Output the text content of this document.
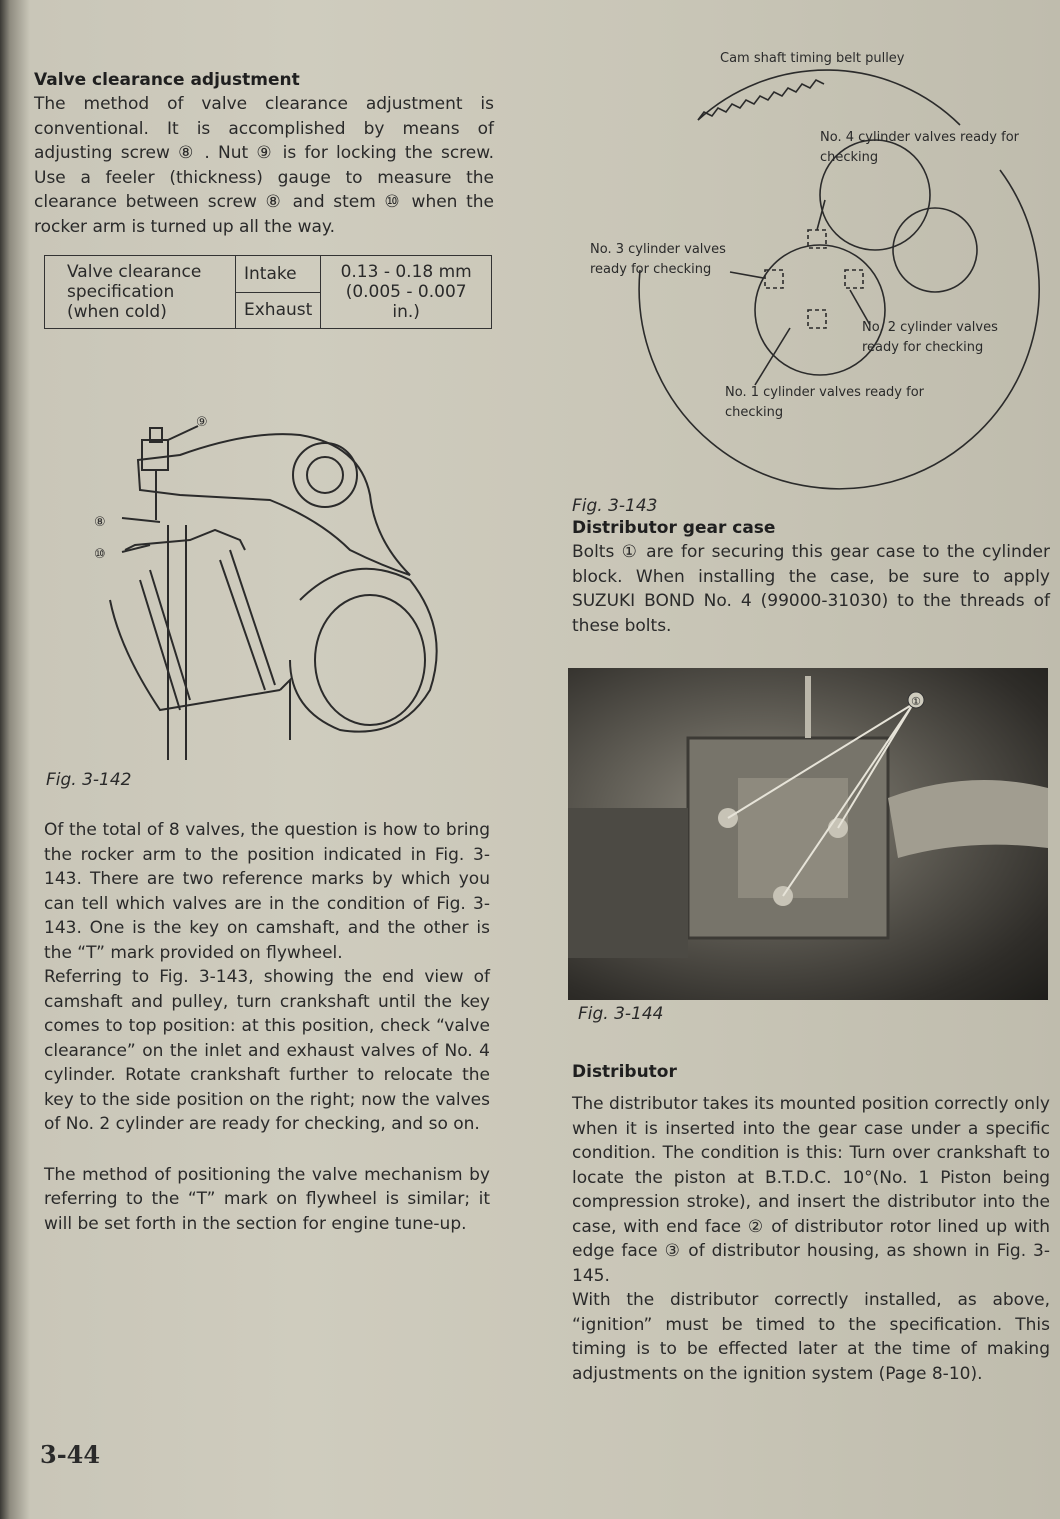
Valve clearance adjustment

The method of valve clearance adjustment is conventional. It is accomplished by means of adjusting screw ⑧ . Nut ⑨ is for locking the screw. Use a feeler (thickness) gauge to measure the clearance between screw ⑧ and stem ⑩ when the rocker arm is turned up all the way.

Valve clearance specification (when cold)	Intake	0.13 - 0.18 mm (0.005 - 0.007 in.)
Exhaust
⑨
⑧
⑩
Fig. 3-142

Of the total of 8 valves, the question is how to bring the rocker arm to the position indicated in Fig. 3-143. There are two reference marks by which you can tell which valves are in the condition of Fig. 3-143. One is the key on camshaft, and the other is the “T” mark provided on flywheel.

Referring to Fig. 3-143, showing the end view of camshaft and pulley, turn crankshaft until the key comes to top position: at this position, check “valve clearance” on the inlet and exhaust valves of No. 4 cylinder. Rotate crankshaft further to relocate the key to the side position on the right; now the valves of No. 2 cylinder are ready for checking, and so on.

The method of positioning the valve mechanism by referring to the “T” mark on flywheel is similar; it will be set forth in the section for engine tune-up.

3-44
Cam shaft timing belt pulley
No. 4 cylinder valves ready for checking
No. 3 cylinder valves ready for checking
No. 2 cylinder valves ready for checking
No. 1 cylinder valves ready for checking
Fig. 3-143
Distributor gear case

Bolts ① are for securing this gear case to the cylinder block. When installing the case, be sure to apply SUZUKI BOND No. 4 (99000-31030) to the threads of these bolts.

①
Fig. 3-144
Distributor

The distributor takes its mounted position correctly only when it is inserted into the gear case under a specific condition. The condition is this: Turn over crankshaft to locate the piston at B.T.D.C. 10°(No. 1 Piston being compression stroke), and insert the distributor into the case, with end face ② of distributor rotor lined up with edge face ③ of distributor housing, as shown in Fig. 3-145.

With the distributor correctly installed, as above, “ignition” must be timed to the specification. This timing is to be effected later at the time of making adjustments on the ignition system (Page 8-10).
